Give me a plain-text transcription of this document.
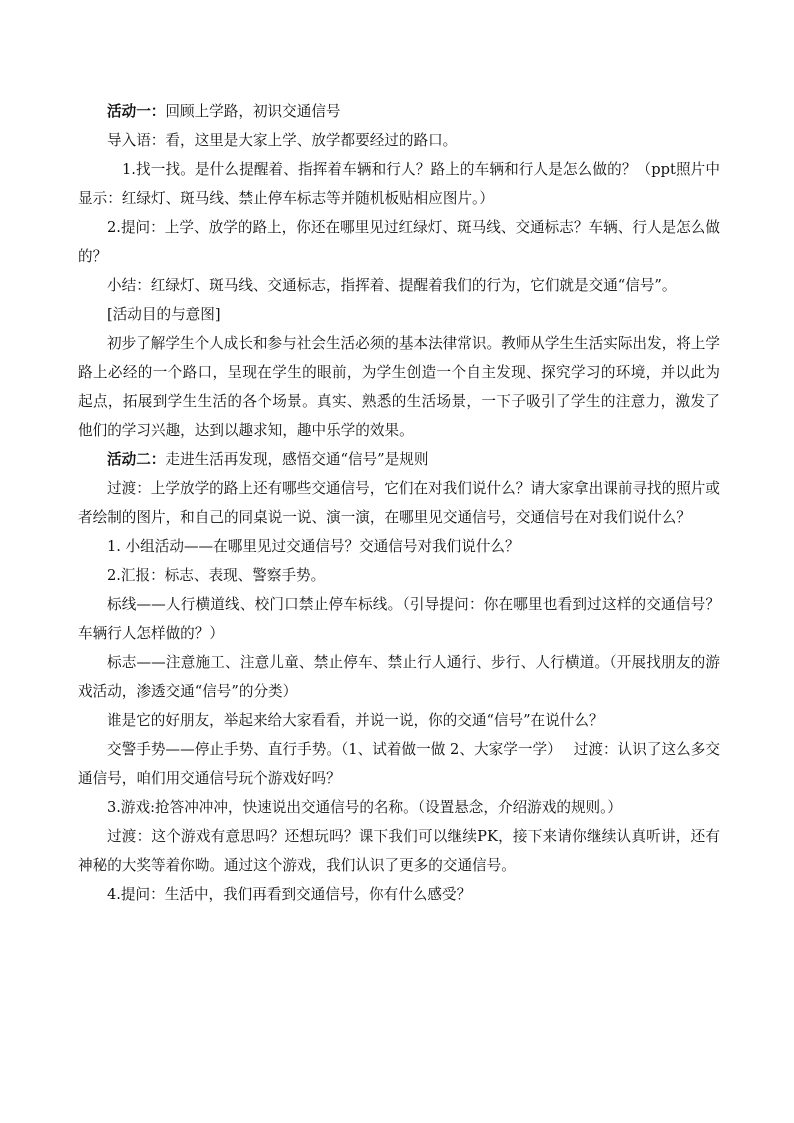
活动一：回顾上学路，初识交通信号

导入语：看，这里是大家上学、放学都要经过的路口。

1.找一找。是什么提醒着、指挥着车辆和行人？路上的车辆和行人是怎么做的？（ppt照片中显示：红绿灯、斑马线、禁止停车标志等并随机板贴相应图片。）

2.提问：上学、放学的路上，你还在哪里见过红绿灯、斑马线、交通标志？车辆、行人是怎么做的？

小结：红绿灯、斑马线、交通标志，指挥着、提醒着我们的行为，它们就是交通“信号”。

[活动目的与意图]

初步了解学生个人成长和参与社会生活必须的基本法律常识。教师从学生生活实际出发，将上学路上必经的一个路口，呈现在学生的眼前，为学生创造一个自主发现、探究学习的环境，并以此为起点，拓展到学生生活的各个场景。真实、熟悉的生活场景，一下子吸引了学生的注意力，激发了他们的学习兴趣，达到以趣求知，趣中乐学的效果。

活动二：走进生活再发现，感悟交通“信号”是规则

过渡：上学放学的路上还有哪些交通信号，它们在对我们说什么？请大家拿出课前寻找的照片或者绘制的图片，和自己的同桌说一说、演一演，在哪里见交通信号，交通信号在对我们说什么？

1. 小组活动——在哪里见过交通信号？交通信号对我们说什么？

2.汇报：标志、表现、警察手势。

标线——人行横道线、校门口禁止停车标线。（引导提问：你在哪里也看到过这样的交通信号？车辆行人怎样做的？）

标志——注意施工、注意儿童、禁止停车、禁止行人通行、步行、人行横道。（开展找朋友的游戏活动，渗透交通“信号”的分类）

谁是它的好朋友，举起来给大家看看，并说一说，你的交通“信号”在说什么？

交警手势——停止手势、直行手势。（1、试着做一做 2、大家学一学）　 过渡：认识了这么多交通信号，咱们用交通信号玩个游戏好吗？

3.游戏:抢答冲冲冲，快速说出交通信号的名称。（设置悬念，介绍游戏的规则。）

过渡：这个游戏有意思吗？还想玩吗？课下我们可以继续PK，接下来请你继续认真听讲，还有神秘的大奖等着你呦。通过这个游戏，我们认识了更多的交通信号。

4.提问：生活中，我们再看到交通信号，你有什么感受？
